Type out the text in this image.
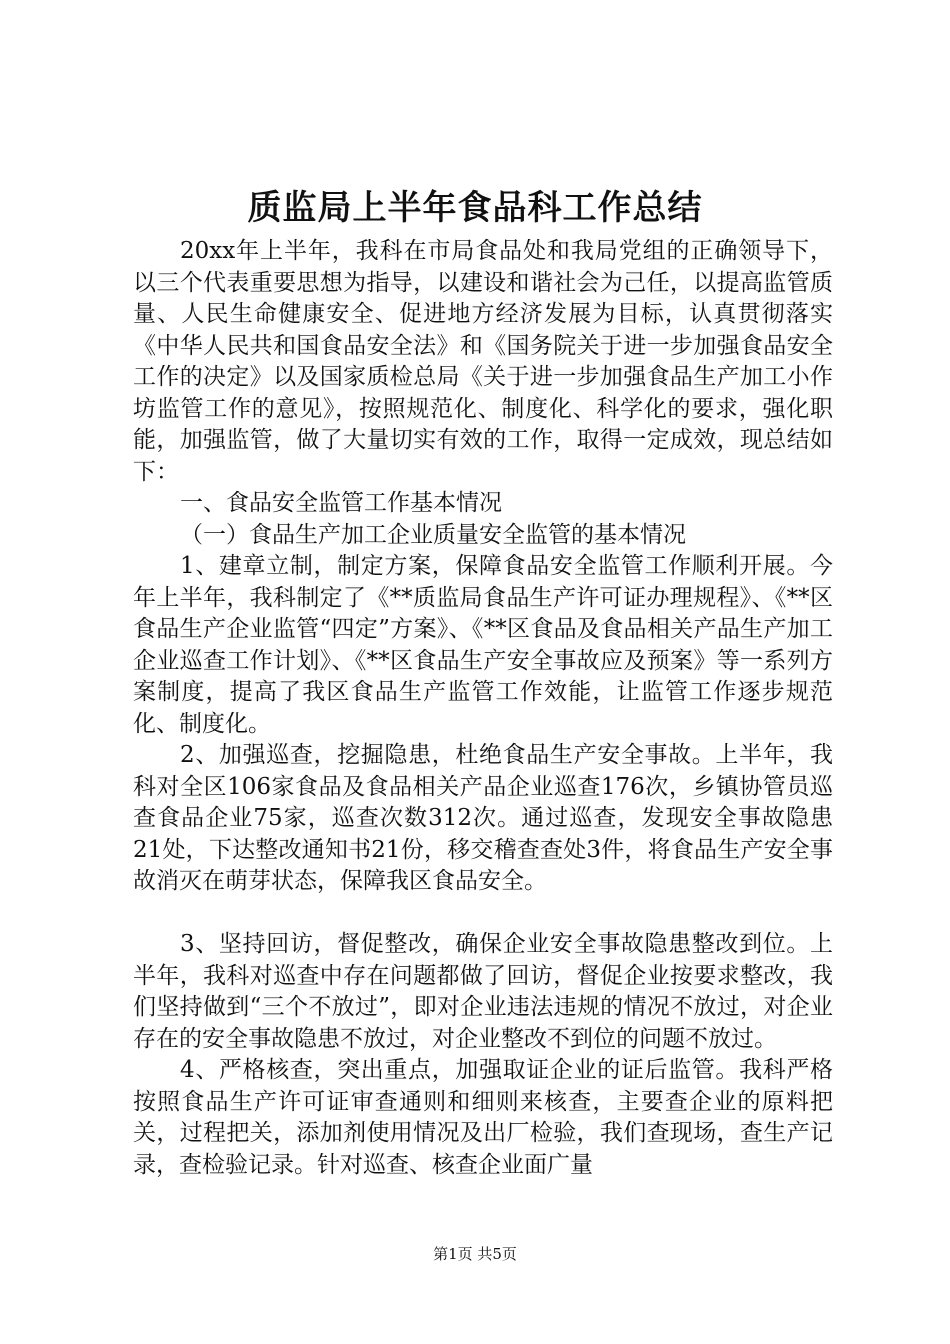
质监局上半年食品科工作总结

20xx年上半年，我科在市局食品处和我局党组的正确领导下，以三个代表重要思想为指导，以建设和谐社会为己任，以提高监管质量、人民生命健康安全、促进地方经济发展为目标，认真贯彻落实《中华人民共和国食品安全法》和《国务院关于进一步加强食品安全工作的决定》以及国家质检总局《关于进一步加强食品生产加工小作坊监管工作的意见》，按照规范化、制度化、科学化的要求，强化职能，加强监管，做了大量切实有效的工作，取得一定成效，现总结如下：

一、食品安全监管工作基本情况

（一）食品生产加工企业质量安全监管的基本情况

1、建章立制，制定方案，保障食品安全监管工作顺利开展。今年上半年，我科制定了《**质监局食品生产许可证办理规程》、《**区食品生产企业监管“四定”方案》、《**区食品及食品相关产品生产加工企业巡查工作计划》、《**区食品生产安全事故应及预案》等一系列方案制度，提高了我区食品生产监管工作效能，让监管工作逐步规范化、制度化。

2、加强巡查，挖掘隐患，杜绝食品生产安全事故。上半年，我科对全区106家食品及食品相关产品企业巡查176次，乡镇协管员巡查食品企业75家，巡查次数312次。通过巡查，发现安全事故隐患21处，下达整改通知书21份，移交稽查查处3件，将食品生产安全事故消灭在萌芽状态，保障我区食品安全。

3、坚持回访，督促整改，确保企业安全事故隐患整改到位。上半年，我科对巡查中存在问题都做了回访，督促企业按要求整改，我们坚持做到“三个不放过”，即对企业违法违规的情况不放过，对企业存在的安全事故隐患不放过，对企业整改不到位的问题不放过。

4、严格核查，突出重点，加强取证企业的证后监管。我科严格按照食品生产许可证审查通则和细则来核查，主要查企业的原料把关，过程把关，添加剂使用情况及出厂检验，我们查现场，查生产记录，查检验记录。针对巡查、核查企业面广量

第1页 共5页
